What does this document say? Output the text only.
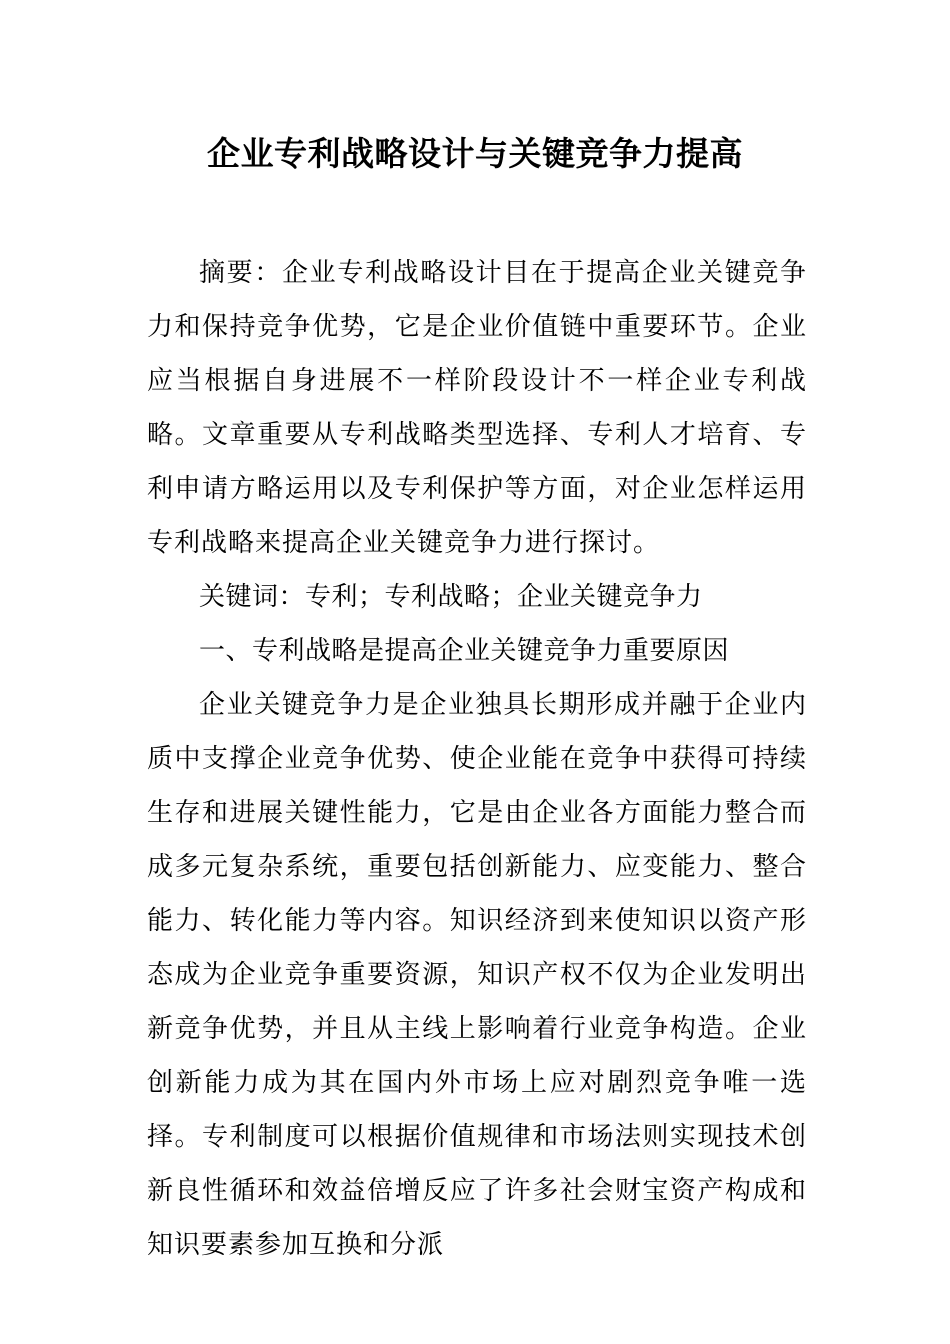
企业专利战略设计与关键竞争力提高

摘要：企业专利战略设计目在于提高企业关键竞争力和保持竞争优势，它是企业价值链中重要环节。企业应当根据自身进展不一样阶段设计不一样企业专利战略。文章重要从专利战略类型选择、专利人才培育、专利申请方略运用以及专利保护等方面，对企业怎样运用专利战略来提高企业关键竞争力进行探讨。

关键词：专利；专利战略；企业关键竞争力

一、专利战略是提高企业关键竞争力重要原因

企业关键竞争力是企业独具长期形成并融于企业内质中支撑企业竞争优势、使企业能在竞争中获得可持续生存和进展关键性能力，它是由企业各方面能力整合而成多元复杂系统，重要包括创新能力、应变能力、整合能力、转化能力等内容。知识经济到来使知识以资产形态成为企业竞争重要资源，知识产权不仅为企业发明出新竞争优势，并且从主线上影响着行业竞争构造。企业创新能力成为其在国内外市场上应对剧烈竞争唯一选择。专利制度可以根据价值规律和市场法则实现技术创新良性循环和效益倍增反应了许多社会财宝资产构成和知识要素参加互换和分派
